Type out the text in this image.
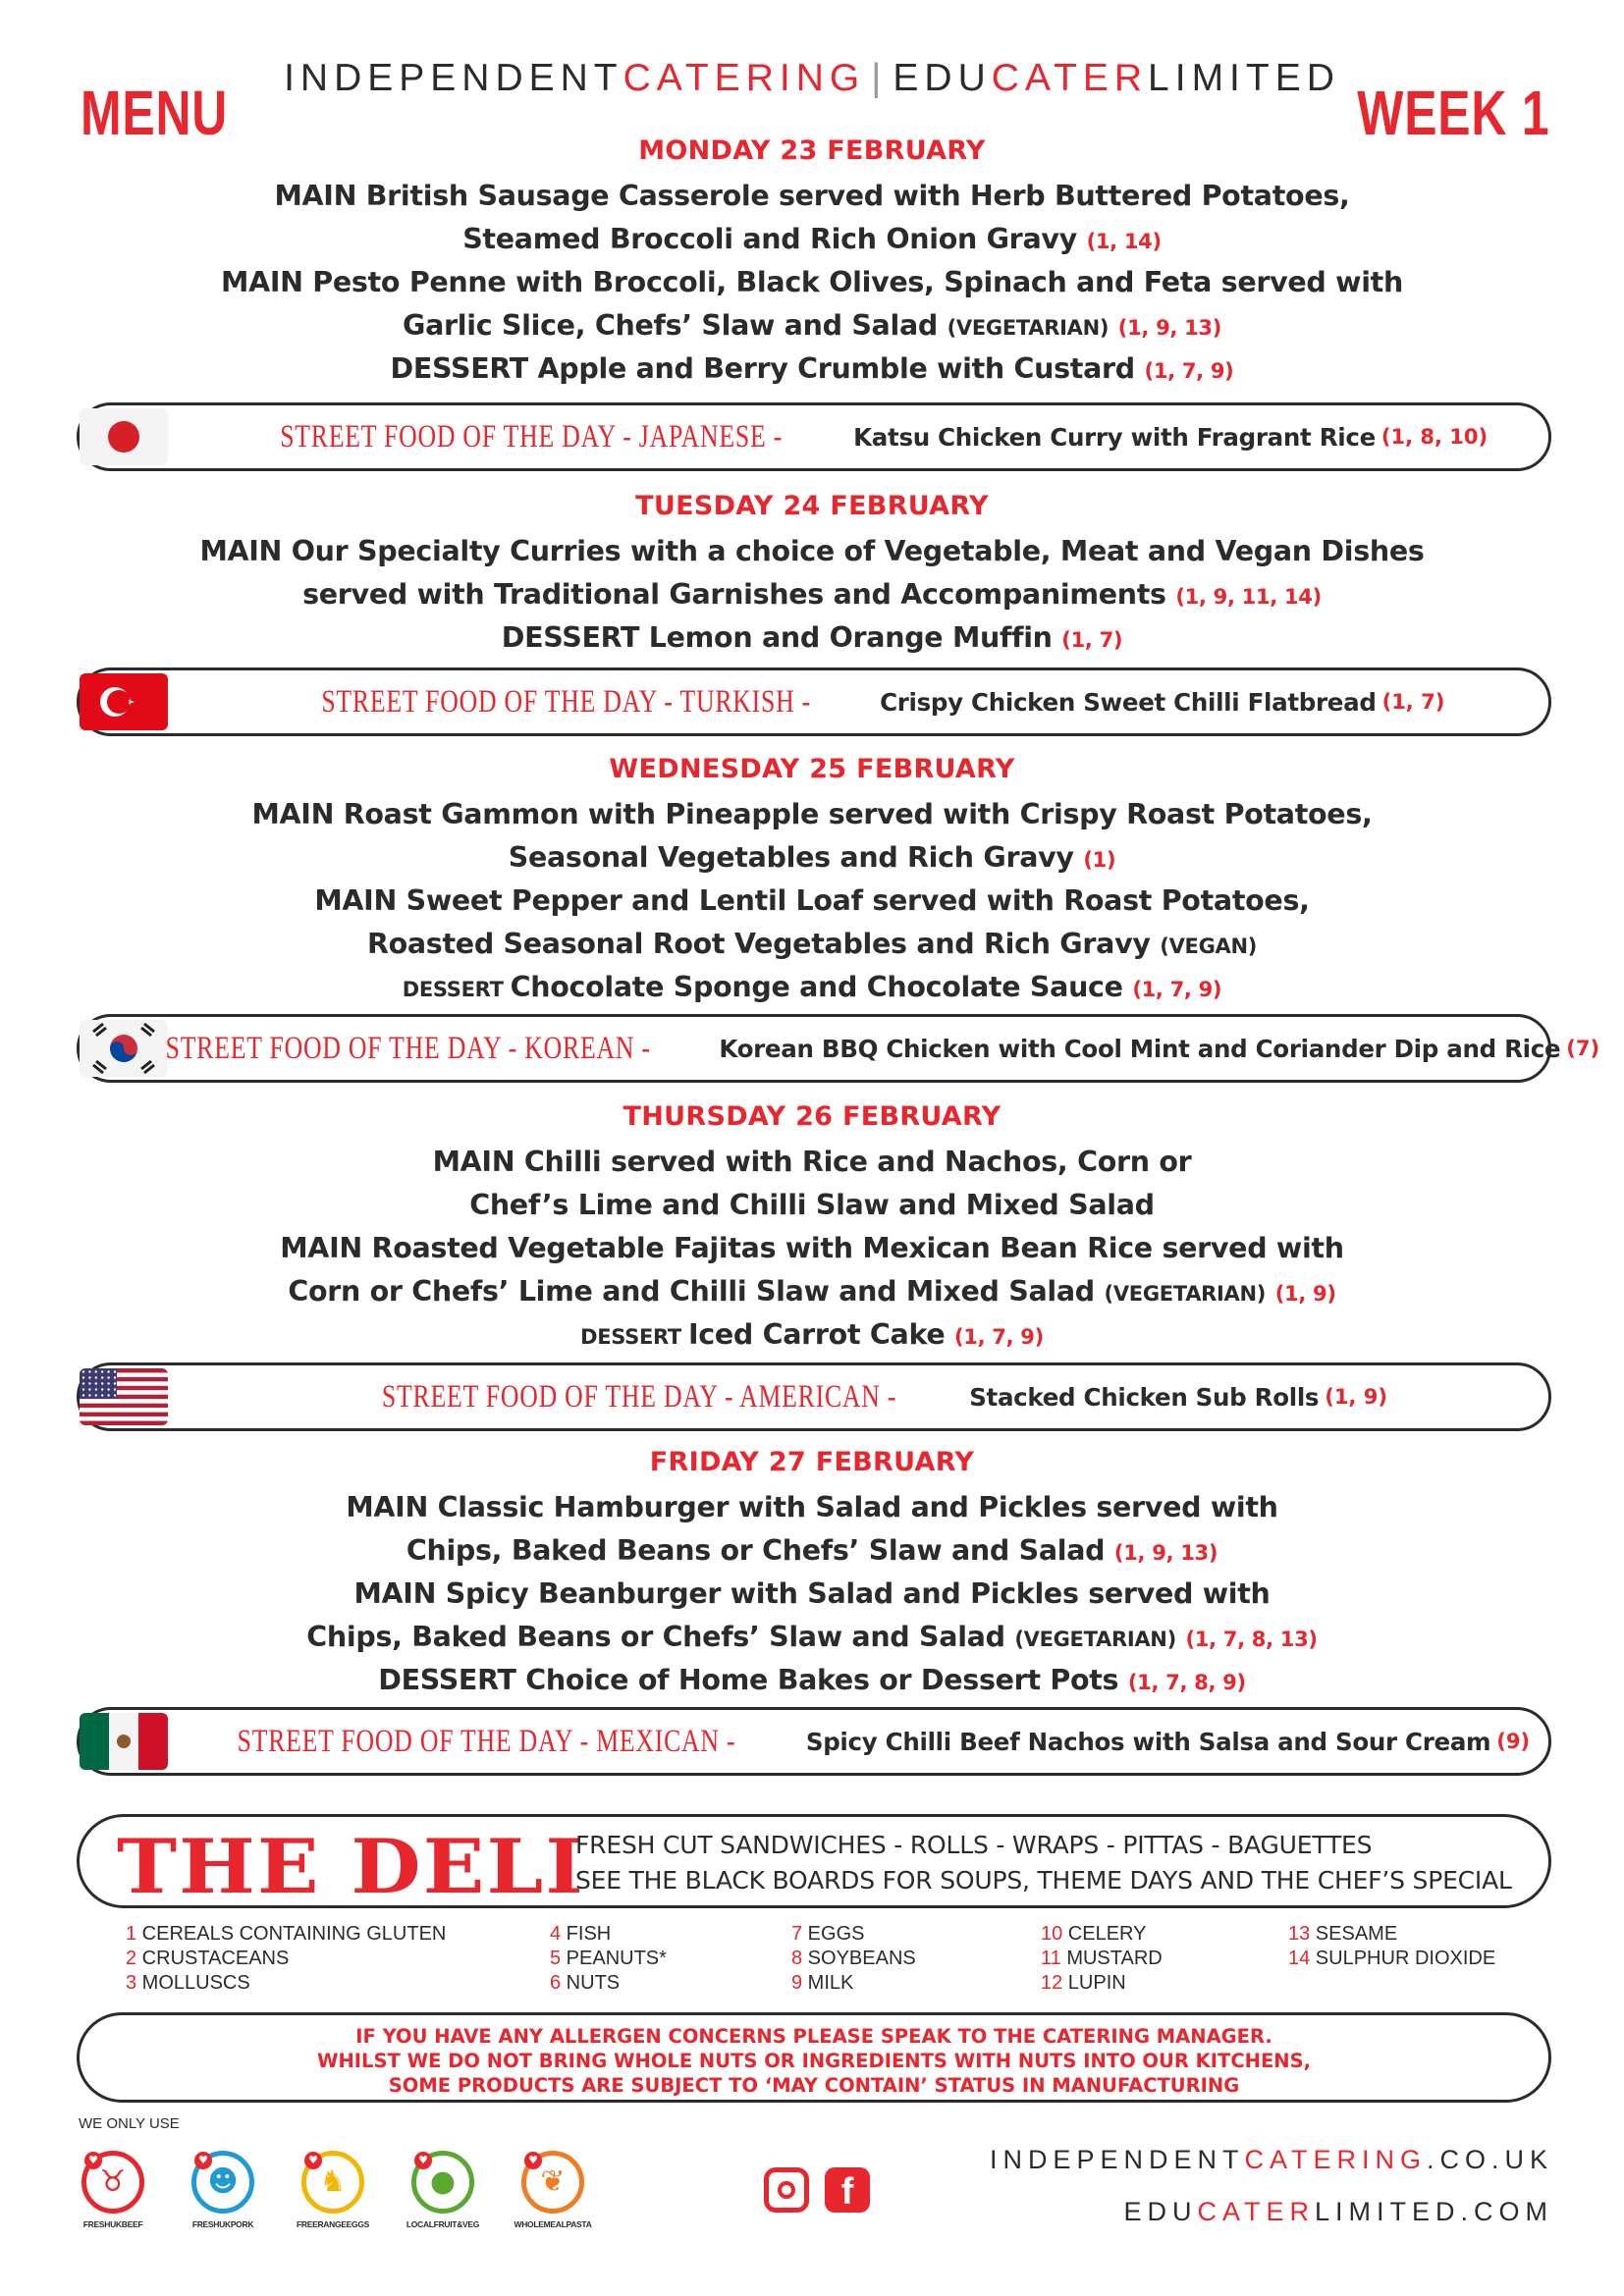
INDEPENDENTCATERING | EDUCATERLIMITED
MENU	WEEK 1
MONDAY 23 FEBRUARY
MAIN British Sausage Casserole served with Herb Buttered Potatoes,
Steamed Broccoli and Rich Onion Gravy (1, 14)
MAIN Pesto Penne with Broccoli, Black Olives, Spinach and Feta served with
Garlic Slice, Chefs’ Slaw and Salad (VEGETARIAN) (1, 9, 13)
DESSERT Apple and Berry Crumble with Custard (1, 7, 9)
TUESDAY 24 FEBRUARY
MAIN Our Specialty Curries with a choice of Vegetable, Meat and Vegan Dishes
served with Traditional Garnishes and Accompaniments (1, 9, 11, 14)
DESSERT Lemon and Orange Muffin (1, 7)
WEDNESDAY 25 FEBRUARY
MAIN Roast Gammon with Pineapple served with Crispy Roast Potatoes,
Seasonal Vegetables and Rich Gravy (1)
MAIN Sweet Pepper and Lentil Loaf served with Roast Potatoes,
Roasted Seasonal Root Vegetables and Rich Gravy (VEGAN)
DESSERT Chocolate Sponge and Chocolate Sauce (1, 7, 9)
THURSDAY 26 FEBRUARY
MAIN Chilli served with Rice and Nachos, Corn or
Chef’s Lime and Chilli Slaw and Mixed Salad
MAIN Roasted Vegetable Fajitas with Mexican Bean Rice served with
Corn or Chefs’ Lime and Chilli Slaw and Mixed Salad (VEGETARIAN) (1, 9)
DESSERT Iced Carrot Cake (1, 7, 9)
FRIDAY 27 FEBRUARY
MAIN Classic Hamburger with Salad and Pickles served with
Chips, Baked Beans or Chefs’ Slaw and Salad (1, 9, 13)
MAIN Spicy Beanburger with Salad and Pickles served with
Chips, Baked Beans or Chefs’ Slaw and Salad (VEGETARIAN) (1, 7, 8, 13)
DESSERT Choice of Home Bakes or Dessert Pots (1, 7, 8, 9)
STREET FOOD OF THE DAY - JAPANESE -	Katsu Chicken Curry with Fragrant Rice (1, 8, 10)
STREET FOOD OF THE DAY - TURKISH -	Crispy Chicken Sweet Chilli Flatbread (1, 7)
STREET FOOD OF THE DAY - KOREAN -	Korean BBQ Chicken with Cool Mint and Coriander Dip and Rice (7)
STREET FOOD OF THE DAY - AMERICAN -	Stacked Chicken Sub Rolls (1, 9)
STREET FOOD OF THE DAY - MEXICAN -	Spicy Chilli Beef Nachos with Salsa and Sour Cream (9)
THE DELI
FRESH CUT SANDWICHES - ROLLS - WRAPS - PITTAS - BAGUETTES
SEE THE BLACK BOARDS FOR SOUPS, THEME DAYS AND THE CHEF’S SPECIAL
1 CEREALS CONTAINING GLUTEN
2 CRUSTACEANS
3 MOLLUSCS
4 FISH
5 PEANUTS*
6 NUTS
7 EGGS
8 SOYBEANS
9 MILK
10 CELERY
11 MUSTARD
12 LUPIN
13 SESAME
14 SULPHUR DIOXIDE
IF YOU HAVE ANY ALLERGEN CONCERNS PLEASE SPEAK TO THE CATERING MANAGER.
WHILST WE DO NOT BRING WHOLE NUTS OR INGREDIENTS WITH NUTS INTO OUR KITCHENS,
SOME PRODUCTS ARE SUBJECT TO ‘MAY CONTAIN’ STATUS IN MANUFACTURING
WE ONLY USE
♥
♉
FRESHUKBEEF
♥
☻
FRESHUKPORK
♥
♞
FREERANGEEGGS
♥
●
LOCALFRUIT&VEG
♥
❦
WHOLEMEALPASTA
f
INDEPENDENTCATERING.CO.UK
EDUCATERLIMITED.COM
